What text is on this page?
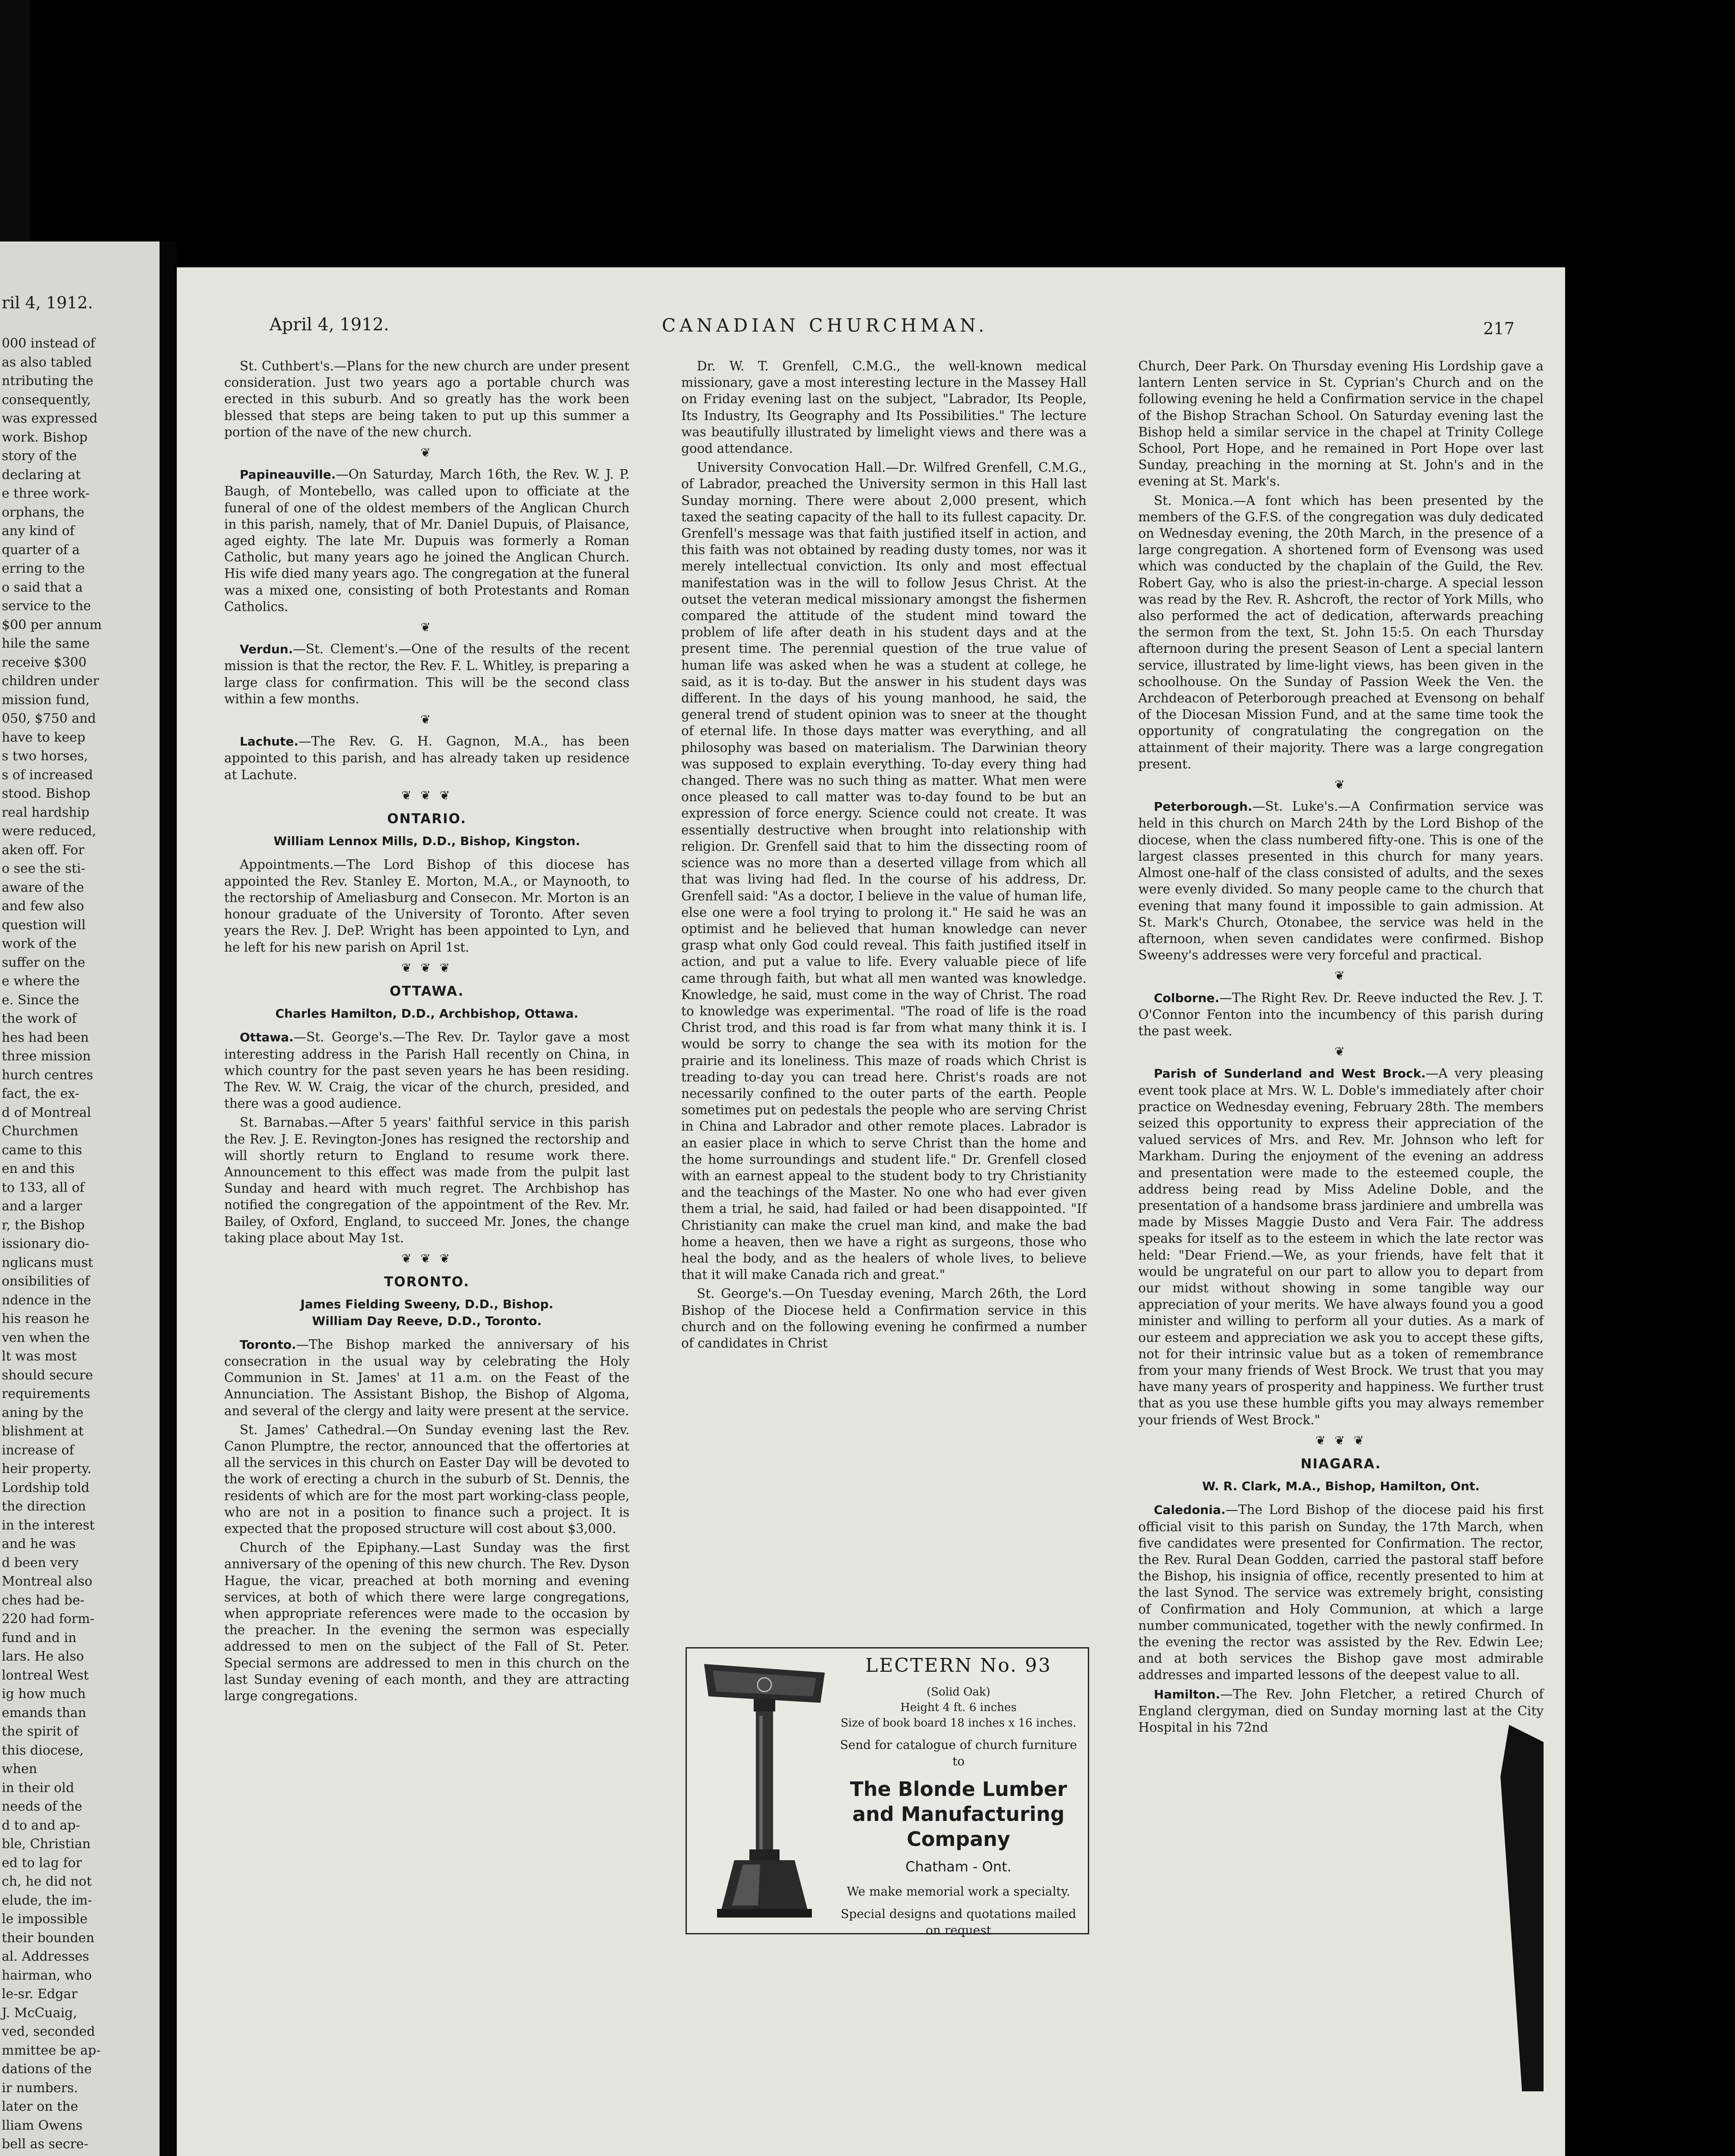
ril 4, 1912.
000 instead of
as also tabled
ntributing the
consequently,
was expressed
work. Bishop
story of the
declaring at
e three work-
orphans, the
any kind of
quarter of a
erring to the
o said that a
service to the
$00 per annum
hile the same
receive $300
children under
mission fund,
050, $750 and
have to keep
s two horses,
s of increased
stood. Bishop
real hardship
were reduced,
aken off. For
o see the sti-
aware of the
and few also
question will
work of the
suffer on the
e where the
e. Since the
the work of
hes had been
three mission
hurch centres
fact, the ex-
d of Montreal
Churchmen
came to this
en and this
to 133, all of
and a larger
r, the Bishop
issionary dio-
nglicans must
onsibilities of
ndence in the
his reason he
ven when the
lt was most
should secure
requirements
aning by the
blishment at
increase of
heir property.
Lordship told
the direction
in the interest
and he was
d been very
Montreal also
ches had be-
220 had form-
fund and in
lars. He also
lontreal West
ig how much
emands than
the spirit of
this diocese,
when
in their old
needs of the
d to and ap-
ble, Christian
ed to lag for
ch, he did not
elude, the im-
le impossible
their bounden
al. Addresses
hairman, who
le-sr. Edgar
J. McCuaig,
ved, seconded
mmittee be ap-
dations of the
ir numbers.
later on the
lliam Owens
bell as secre-
April 4, 1912.	CANADIAN CHURCHMAN.	217

St. Cuthbert's.—Plans for the new church are under present consideration. Just two years ago a portable church was erected in this suburb. And so greatly has the work been blessed that steps are being taken to put up this summer a portion of the nave of the new church.

❦

Papineauville.—On Saturday, March 16th, the Rev. W. J. P. Baugh, of Montebello, was called upon to officiate at the funeral of one of the oldest members of the Anglican Church in this parish, namely, that of Mr. Daniel Dupuis, of Plaisance, aged eighty. The late Mr. Dupuis was formerly a Roman Catholic, but many years ago he joined the Anglican Church. His wife died many years ago. The congregation at the funeral was a mixed one, consisting of both Protestants and Roman Catholics.

❦

Verdun.—St. Clement's.—One of the results of the recent mission is that the rector, the Rev. F. L. Whitley, is preparing a large class for confirmation. This will be the second class within a few months.

❦

Lachute.—The Rev. G. H. Gagnon, M.A., has been appointed to this parish, and has already taken up residence at Lachute.

❦ ❦ ❦
ONTARIO.
William Lennox Mills, D.D., Bishop, Kingston.

Appointments.—The Lord Bishop of this diocese has appointed the Rev. Stanley E. Morton, M.A., or Maynooth, to the rectorship of Ameliasburg and Consecon. Mr. Morton is an honour graduate of the University of Toronto. After seven years the Rev. J. DeP. Wright has been appointed to Lyn, and he left for his new parish on April 1st.

❦ ❦ ❦
OTTAWA.
Charles Hamilton, D.D., Archbishop, Ottawa.

Ottawa.—St. George's.—The Rev. Dr. Taylor gave a most interesting address in the Parish Hall recently on China, in which country for the past seven years he has been residing. The Rev. W. W. Craig, the vicar of the church, presided, and there was a good audience.

St. Barnabas.—After 5 years' faithful service in this parish the Rev. J. E. Revington-Jones has resigned the rectorship and will shortly return to England to resume work there. Announcement to this effect was made from the pulpit last Sunday and heard with much regret. The Archbishop has notified the congregation of the appointment of the Rev. Mr. Bailey, of Oxford, England, to succeed Mr. Jones, the change taking place about May 1st.

❦ ❦ ❦
TORONTO.
James Fielding Sweeny, D.D., Bishop.
William Day Reeve, D.D., Toronto.

Toronto.—The Bishop marked the anniversary of his consecration in the usual way by celebrating the Holy Communion in St. James' at 11 a.m. on the Feast of the Annunciation. The Assistant Bishop, the Bishop of Algoma, and several of the clergy and laity were present at the service.

St. James' Cathedral.—On Sunday evening last the Rev. Canon Plumptre, the rector, announced that the offertories at all the services in this church on Easter Day will be devoted to the work of erecting a church in the suburb of St. Dennis, the residents of which are for the most part working-class people, who are not in a position to finance such a project. It is expected that the proposed structure will cost about $3,000.

Church of the Epiphany.—Last Sunday was the first anniversary of the opening of this new church. The Rev. Dyson Hague, the vicar, preached at both morning and evening services, at both of which there were large congregations, when appropriate references were made to the occasion by the preacher. In the evening the sermon was especially addressed to men on the subject of the Fall of St. Peter. Special sermons are addressed to men in this church on the last Sunday evening of each month, and they are attracting large congregations.

Dr. W. T. Grenfell, C.M.G., the well-known medical missionary, gave a most interesting lecture in the Massey Hall on Friday evening last on the subject, "Labrador, Its People, Its Industry, Its Geography and Its Possibilities." The lecture was beautifully illustrated by limelight views and there was a good attendance.

University Convocation Hall.—Dr. Wilfred Grenfell, C.M.G., of Labrador, preached the University sermon in this Hall last Sunday morning. There were about 2,000 present, which taxed the seating capacity of the hall to its fullest capacity. Dr. Grenfell's message was that faith justified itself in action, and this faith was not obtained by reading dusty tomes, nor was it merely intellectual conviction. Its only and most effectual manifestation was in the will to follow Jesus Christ. At the outset the veteran medical missionary amongst the fishermen compared the attitude of the student mind toward the problem of life after death in his student days and at the present time. The perennial question of the true value of human life was asked when he was a student at college, he said, as it is to-day. But the answer in his student days was different. In the days of his young manhood, he said, the general trend of student opinion was to sneer at the thought of eternal life. In those days matter was everything, and all philosophy was based on materialism. The Darwinian theory was supposed to explain everything. To-day every thing had changed. There was no such thing as matter. What men were once pleased to call matter was to-day found to be but an expression of force energy. Science could not create. It was essentially destructive when brought into relationship with religion. Dr. Grenfell said that to him the dissecting room of science was no more than a deserted village from which all that was living had fled. In the course of his address, Dr. Grenfell said: "As a doctor, I believe in the value of human life, else one were a fool trying to prolong it." He said he was an optimist and he believed that human knowledge can never grasp what only God could reveal. This faith justified itself in action, and put a value to life. Every valuable piece of life came through faith, but what all men wanted was knowledge. Knowledge, he said, must come in the way of Christ. The road to knowledge was experimental. "The road of life is the road Christ trod, and this road is far from what many think it is. I would be sorry to change the sea with its motion for the prairie and its loneliness. This maze of roads which Christ is treading to-day you can tread here. Christ's roads are not necessarily confined to the outer parts of the earth. People sometimes put on pedestals the people who are serving Christ in China and Labrador and other remote places. Labrador is an easier place in which to serve Christ than the home and the home surroundings and student life." Dr. Grenfell closed with an earnest appeal to the student body to try Christianity and the teachings of the Master. No one who had ever given them a trial, he said, had failed or had been disappointed. "If Christianity can make the cruel man kind, and make the bad home a heaven, then we have a right as surgeons, those who heal the body, and as the healers of whole lives, to believe that it will make Canada rich and great."

St. George's.—On Tuesday evening, March 26th, the Lord Bishop of the Diocese held a Confirmation service in this church and on the following evening he confirmed a number of candidates in Christ

LECTERN No. 93
(Solid Oak)
Height 4 ft. 6 inches
Size of book board 18 inches x 16 inches.
Send for catalogue of church furniture to
The Blonde Lumber and Manufacturing Company
Chatham - Ont.
We make memorial work a specialty.
Special designs and quotations mailed on request

Church, Deer Park. On Thursday evening His Lordship gave a lantern Lenten service in St. Cyprian's Church and on the following evening he held a Confirmation service in the chapel of the Bishop Strachan School. On Saturday evening last the Bishop held a similar service in the chapel at Trinity College School, Port Hope, and he remained in Port Hope over last Sunday, preaching in the morning at St. John's and in the evening at St. Mark's.

St. Monica.—A font which has been presented by the members of the G.F.S. of the congregation was duly dedicated on Wednesday evening, the 20th March, in the presence of a large congregation. A shortened form of Evensong was used which was conducted by the chaplain of the Guild, the Rev. Robert Gay, who is also the priest-in-charge. A special lesson was read by the Rev. R. Ashcroft, the rector of York Mills, who also performed the act of dedication, afterwards preaching the sermon from the text, St. John 15:5. On each Thursday afternoon during the present Season of Lent a special lantern service, illustrated by lime-light views, has been given in the schoolhouse. On the Sunday of Passion Week the Ven. the Archdeacon of Peterborough preached at Evensong on behalf of the Diocesan Mission Fund, and at the same time took the opportunity of congratulating the congregation on the attainment of their majority. There was a large congregation present.

❦

Peterborough.—St. Luke's.—A Confirmation service was held in this church on March 24th by the Lord Bishop of the diocese, when the class numbered fifty-one. This is one of the largest classes presented in this church for many years. Almost one-half of the class consisted of adults, and the sexes were evenly divided. So many people came to the church that evening that many found it impossible to gain admission. At St. Mark's Church, Otonabee, the service was held in the afternoon, when seven candidates were confirmed. Bishop Sweeny's addresses were very forceful and practical.

❦

Colborne.—The Right Rev. Dr. Reeve inducted the Rev. J. T. O'Connor Fenton into the incumbency of this parish during the past week.

❦

Parish of Sunderland and West Brock.—A very pleasing event took place at Mrs. W. L. Doble's immediately after choir practice on Wednesday evening, February 28th. The members seized this opportunity to express their appreciation of the valued services of Mrs. and Rev. Mr. Johnson who left for Markham. During the enjoyment of the evening an address and presentation were made to the esteemed couple, the address being read by Miss Adeline Doble, and the presentation of a handsome brass jardiniere and umbrella was made by Misses Maggie Dusto and Vera Fair. The address speaks for itself as to the esteem in which the late rector was held: "Dear Friend.—We, as your friends, have felt that it would be ungrateful on our part to allow you to depart from our midst without showing in some tangible way our appreciation of your merits. We have always found you a good minister and willing to perform all your duties. As a mark of our esteem and appreciation we ask you to accept these gifts, not for their intrinsic value but as a token of remembrance from your many friends of West Brock. We trust that you may have many years of prosperity and happiness. We further trust that as you use these humble gifts you may always remember your friends of West Brock."

❦ ❦ ❦
NIAGARA.
W. R. Clark, M.A., Bishop, Hamilton, Ont.

Caledonia.—The Lord Bishop of the diocese paid his first official visit to this parish on Sunday, the 17th March, when five candidates were presented for Confirmation. The rector, the Rev. Rural Dean Godden, carried the pastoral staff before the Bishop, his insignia of office, recently presented to him at the last Synod. The service was extremely bright, consisting of Confirmation and Holy Communion, at which a large number communicated, together with the newly confirmed. In the evening the rector was assisted by the Rev. Edwin Lee; and at both services the Bishop gave most admirable addresses and imparted lessons of the deepest value to all.

Hamilton.—The Rev. John Fletcher, a retired Church of England clergyman, died on Sunday morning last at the City Hospital in his 72nd
